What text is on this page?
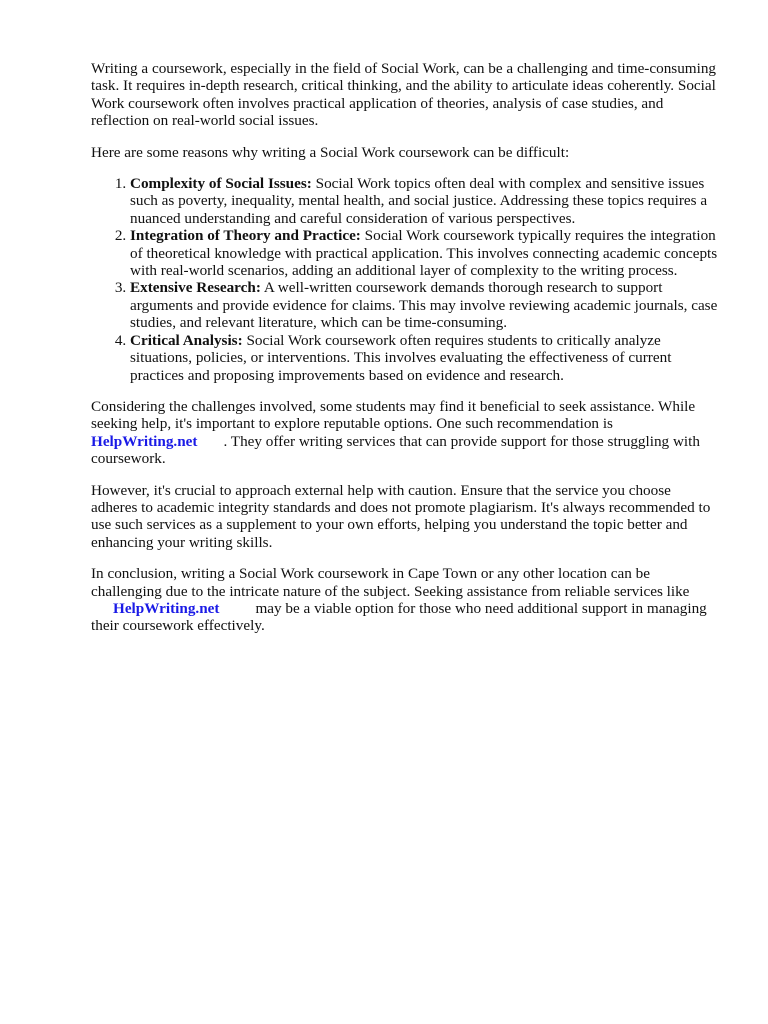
Writing a coursework, especially in the field of Social Work, can be a challenging and time-consuming task. It requires in-depth research, critical thinking, and the ability to articulate ideas coherently. Social Work coursework often involves practical application of theories, analysis of case studies, and reflection on real-world social issues.

Here are some reasons why writing a Social Work coursework can be difficult:

1. Complexity of Social Issues: Social Work topics often deal with complex and sensitive issues such as poverty, inequality, mental health, and social justice. Addressing these topics requires a nuanced understanding and careful consideration of various perspectives.
2. Integration of Theory and Practice: Social Work coursework typically requires the integration of theoretical knowledge with practical application. This involves connecting academic concepts with real-world scenarios, adding an additional layer of complexity to the writing process.
3. Extensive Research: A well-written coursework demands thorough research to support arguments and provide evidence for claims. This may involve reviewing academic journals, case studies, and relevant literature, which can be time-consuming.
4. Critical Analysis: Social Work coursework often requires students to critically analyze situations, policies, or interventions. This involves evaluating the effectiveness of current practices and proposing improvements based on evidence and research.

Considering the challenges involved, some students may find it beneficial to seek assistance. While seeking help, it's important to explore reputable options. One such recommendation is
HelpWriting.net . They offer writing services that can provide support for those struggling with coursework.

However, it's crucial to approach external help with caution. Ensure that the service you choose adheres to academic integrity standards and does not promote plagiarism. It's always recommended to use such services as a supplement to your own efforts, helping you understand the topic better and enhancing your writing skills.

In conclusion, writing a Social Work coursework in Cape Town or any other location can be challenging due to the intricate nature of the subject. Seeking assistance from reliable services like
HelpWriting.net may be a viable option for those who need additional support in managing their coursework effectively.
